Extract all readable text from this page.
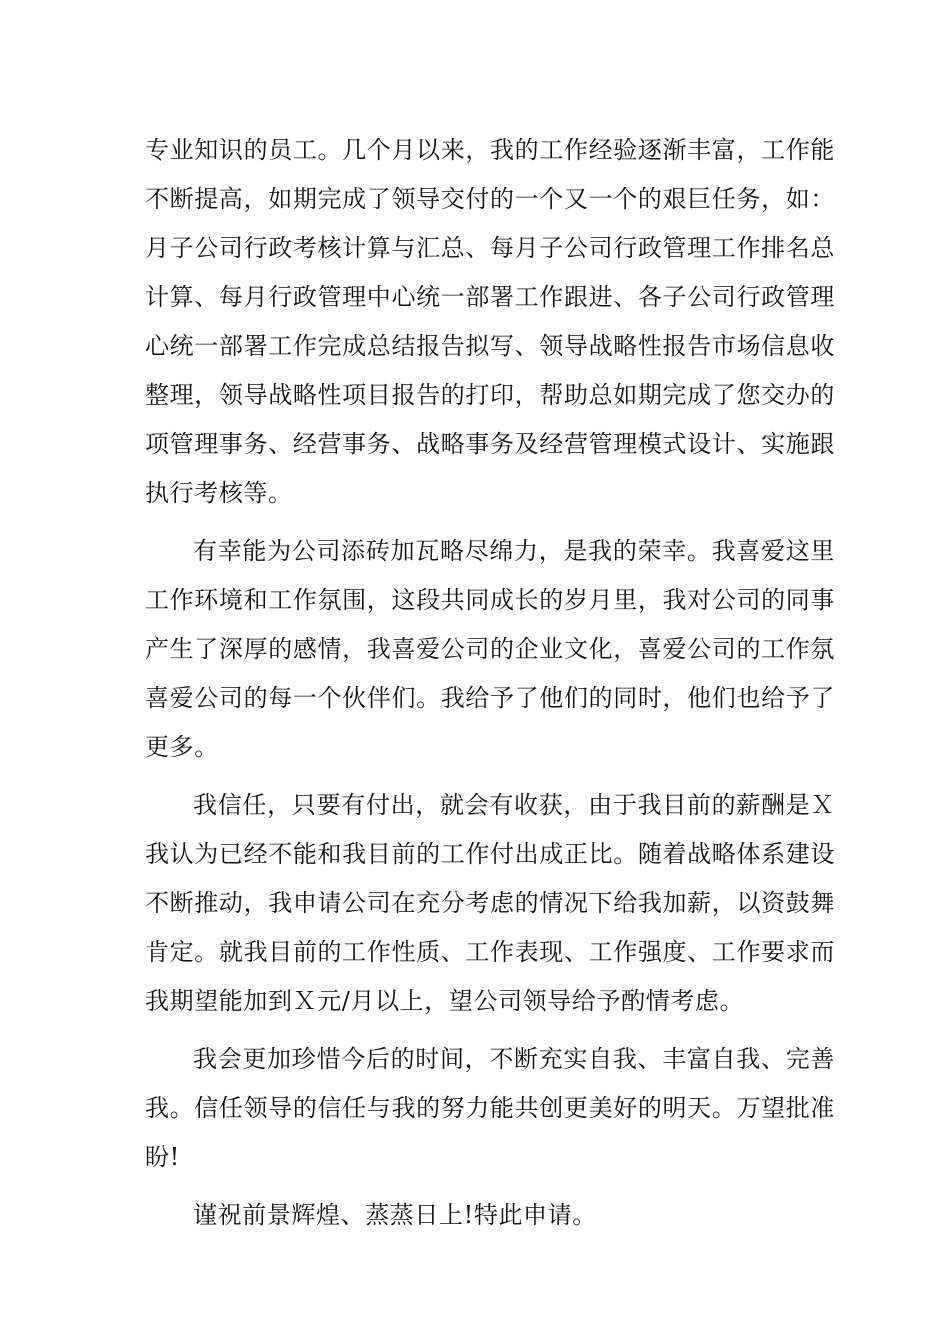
专业知识的员工。几个月以来，我的工作经验逐渐丰富，工作能
不断提高，如期完成了领导交付的一个又一个的艰巨任务，如：
月子公司行政考核计算与汇总、每月子公司行政管理工作排名总
计算、每月行政管理中心统一部署工作跟进、各子公司行政管理
心统一部署工作完成总结报告拟写、领导战略性报告市场信息收
整理，领导战略性项目报告的打印，帮助总如期完成了您交办的
项管理事务、经营事务、战略事务及经营管理模式设计、实施跟
执行考核等。
有幸能为公司添砖加瓦略尽绵力，是我的荣幸。我喜爱这里
工作环境和工作氛围，这段共同成长的岁月里，我对公司的同事
产生了深厚的感情，我喜爱公司的企业文化，喜爱公司的工作氛
喜爱公司的每一个伙伴们。我给予了他们的同时，他们也给予了
更多。
我信任，只要有付出，就会有收获，由于我目前的薪酬是Ｘ
我认为已经不能和我目前的工作付出成正比。随着战略体系建设
不断推动，我申请公司在充分考虑的情况下给我加薪，以资鼓舞
肯定。就我目前的工作性质、工作表现、工作强度、工作要求而
我期望能加到Ｘ元/月以上，望公司领导给予酌情考虑。
我会更加珍惜今后的时间，不断充实自我、丰富自我、完善
我。信任领导的信任与我的努力能共创更美好的明天。万望批准
盼!
谨祝前景辉煌、蒸蒸日上!特此申请。
